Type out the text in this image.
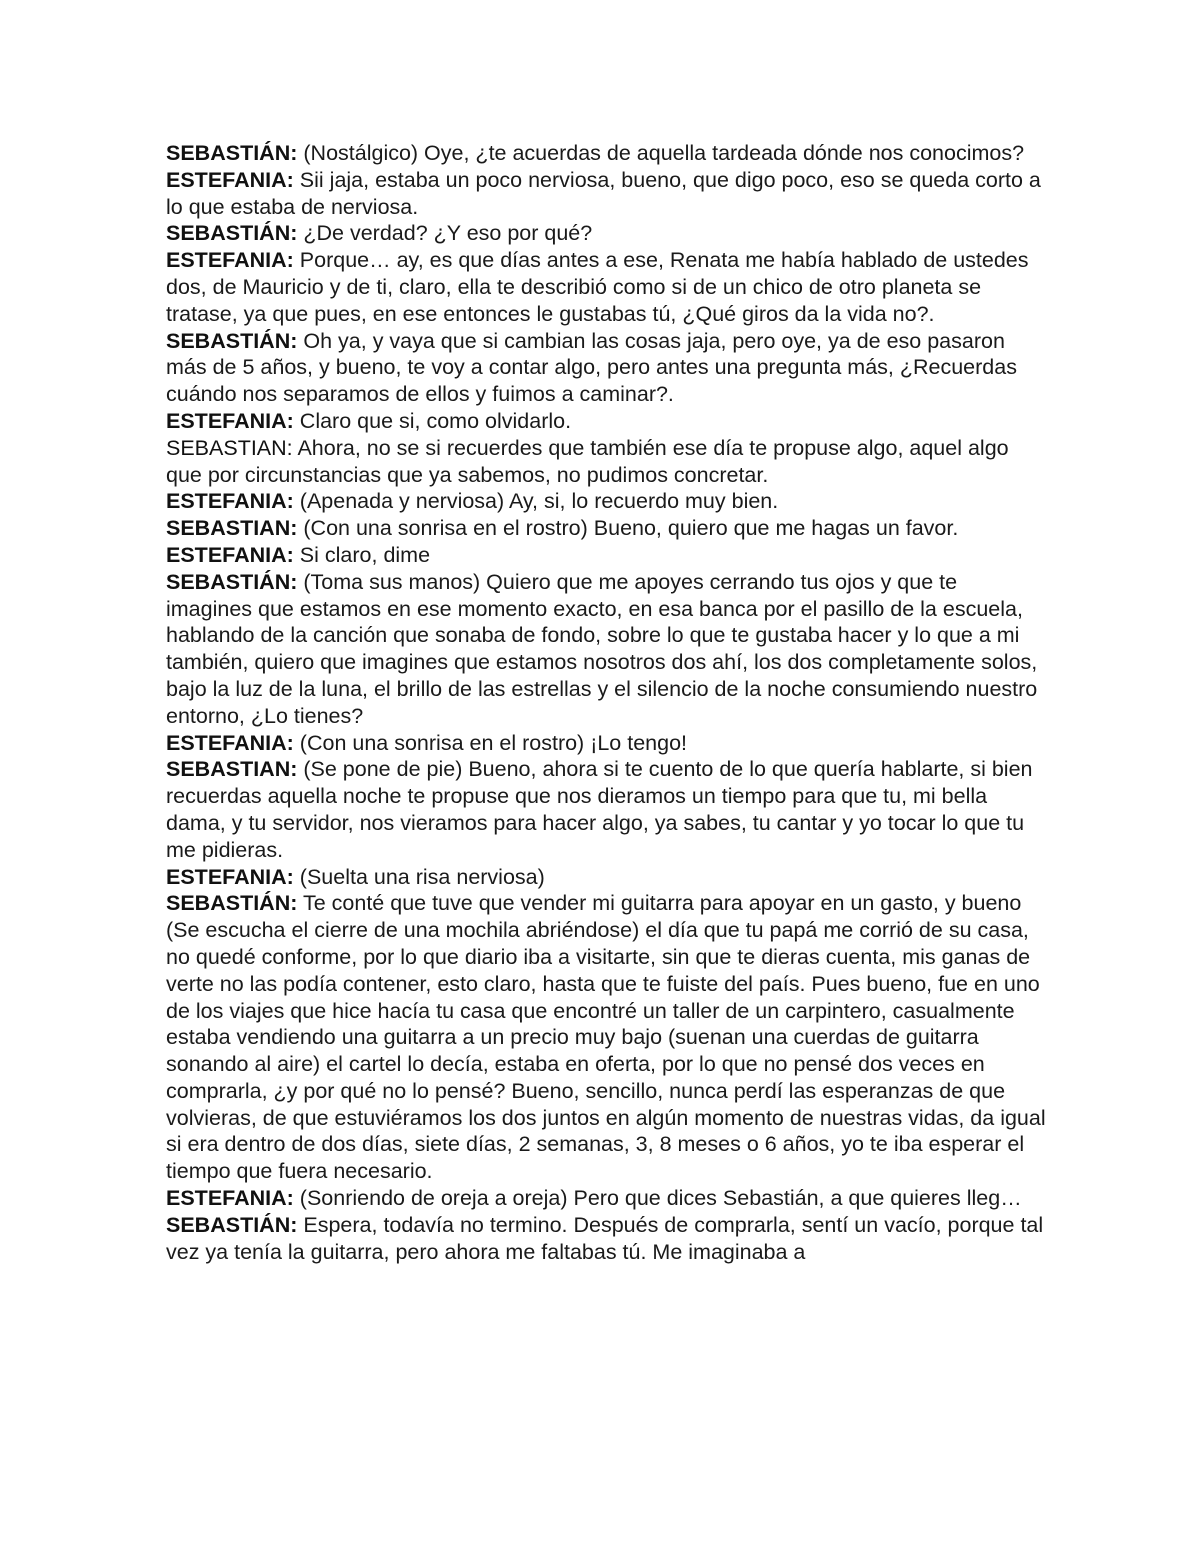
SEBASTIÁN: (Nostálgico) Oye, ¿te acuerdas de aquella tardeada dónde nos conocimos?

ESTEFANIA: Sii jaja, estaba un poco nerviosa, bueno, que digo poco, eso se queda corto a lo que estaba de nerviosa.

SEBASTIÁN: ¿De verdad? ¿Y eso por qué?

ESTEFANIA: Porque… ay, es que días antes a ese, Renata me había hablado de ustedes dos, de Mauricio y de ti, claro, ella te describió como si de un chico de otro planeta se tratase, ya que pues, en ese entonces le gustabas tú, ¿Qué giros da la vida no?.

SEBASTIÁN: Oh ya, y vaya que si cambian las cosas jaja, pero oye, ya de eso pasaron más de 5 años, y bueno, te voy a contar algo, pero antes una pregunta más, ¿Recuerdas cuándo nos separamos de ellos y fuimos a caminar?.

ESTEFANIA: Claro que si, como olvidarlo.

SEBASTIAN: Ahora, no se si recuerdes que también ese día te propuse algo, aquel algo que por circunstancias que ya sabemos, no pudimos concretar.

ESTEFANIA: (Apenada y nerviosa) Ay, si, lo recuerdo muy bien.

SEBASTIAN: (Con una sonrisa en el rostro) Bueno, quiero que me hagas un favor.

ESTEFANIA: Si claro, dime

SEBASTIÁN: (Toma sus manos) Quiero que me apoyes cerrando tus ojos y que te imagines que estamos en ese momento exacto, en esa banca por el pasillo de la escuela, hablando de la canción que sonaba de fondo, sobre lo que te gustaba hacer y lo que a mi también, quiero que imagines que estamos nosotros dos ahí, los dos completamente solos, bajo la luz de la luna, el brillo de las estrellas y el silencio de la noche consumiendo nuestro entorno, ¿Lo tienes?

ESTEFANIA: (Con una sonrisa en el rostro) ¡Lo tengo!

SEBASTIAN: (Se pone de pie) Bueno, ahora si te cuento de lo que quería hablarte, si bien recuerdas aquella noche te propuse que nos dieramos un tiempo para que tu, mi bella dama, y tu servidor, nos vieramos para hacer algo, ya sabes, tu cantar y yo tocar lo que tu me pidieras.

ESTEFANIA: (Suelta una risa nerviosa)

SEBASTIÁN: Te conté que tuve que vender mi guitarra para apoyar en un gasto, y bueno (Se escucha el cierre de una mochila abriéndose) el día que tu papá me corrió de su casa, no quedé conforme, por lo que diario iba a visitarte, sin que te dieras cuenta, mis ganas de verte no las podía contener, esto claro, hasta que te fuiste del país. Pues bueno, fue en uno de los viajes que hice hacía tu casa que encontré un taller de un carpintero, casualmente estaba vendiendo una guitarra a un precio muy bajo (suenan una cuerdas de guitarra sonando al aire) el cartel lo decía, estaba en oferta, por lo que no pensé dos veces en comprarla, ¿y por qué no lo pensé? Bueno, sencillo, nunca perdí las esperanzas de que volvieras, de que estuviéramos los dos juntos en algún momento de nuestras vidas, da igual si era dentro de dos días, siete días, 2 semanas, 3, 8 meses o 6 años, yo te iba esperar el tiempo que fuera necesario.

ESTEFANIA: (Sonriendo de oreja a oreja) Pero que dices Sebastián, a que quieres lleg…

SEBASTIÁN: Espera, todavía no termino. Después de comprarla, sentí un vacío, porque tal vez ya tenía la guitarra, pero ahora me faltabas tú. Me imaginaba a
